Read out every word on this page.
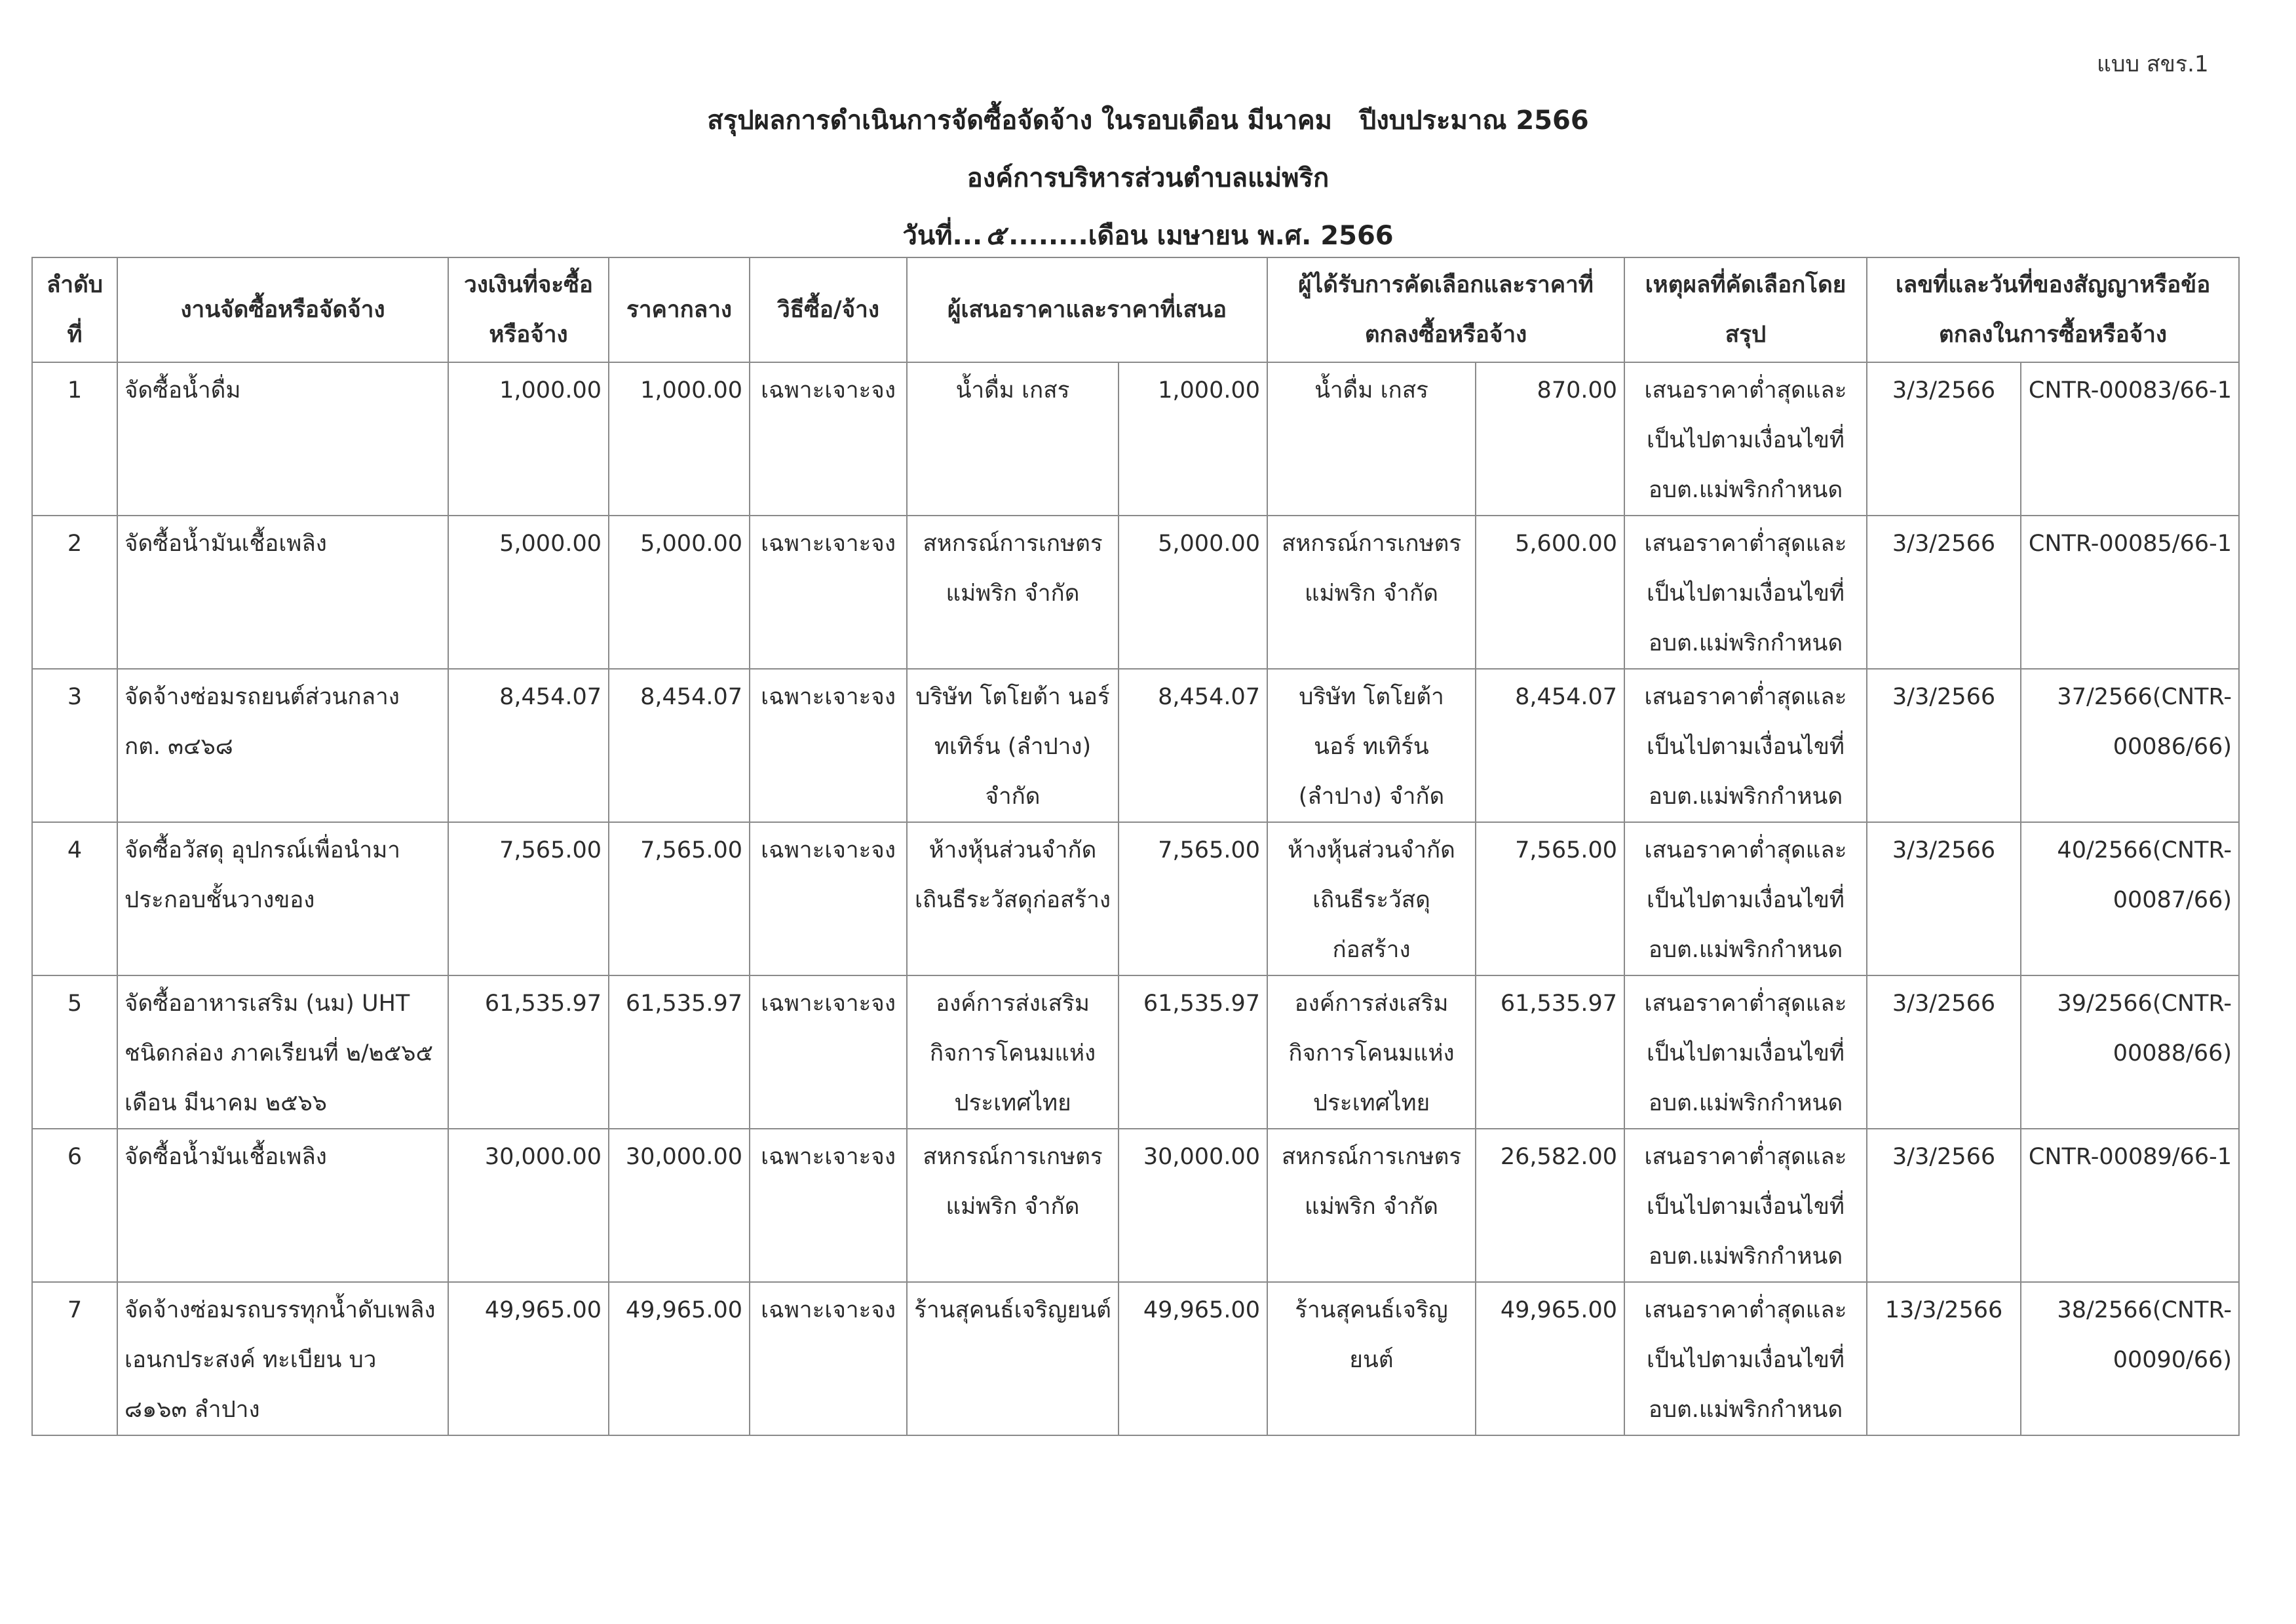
แบบ สขร.1
สรุปผลการดำเนินการจัดซื้อจัดจ้าง ในรอบเดือน มีนาคม   ปีงบประมาณ 2566
องค์การบริหารส่วนตำบลแม่พริก
วันที่... ๕ ........เดือน เมษายน พ.ศ. 2566
ลำดับที่	งานจัดซื้อหรือจัดจ้าง	วงเงินที่จะซื้อหรือจ้าง	ราคากลาง	วิธีซื้อ/จ้าง	ผู้เสนอราคาและราคาที่เสนอ		ผู้ได้รับการคัดเลือกและราคาที่ตกลงซื้อหรือจ้าง		เหตุผลที่คัดเลือกโดยสรุป	เลขที่และวันที่ของสัญญาหรือข้อตกลงในการซื้อหรือจ้าง	
1	จัดซื้อน้ำดื่ม	1,000.00	1,000.00	เฉพาะเจาะจง	น้ำดื่ม เกสร	1,000.00	น้ำดื่ม เกสร	870.00	เสนอราคาต่ำสุดและเป็นไปตามเงื่อนไขที่ อบต.แม่พริกกำหนด	3/3/2566	CNTR-00083/66-1
2	จัดซื้อน้ำมันเชื้อเพลิง	5,000.00	5,000.00	เฉพาะเจาะจง	สหกรณ์การเกษตร แม่พริก จำกัด	5,000.00	สหกรณ์การเกษตร แม่พริก จำกัด	5,600.00	เสนอราคาต่ำสุดและเป็นไปตามเงื่อนไขที่ อบต.แม่พริกกำหนด	3/3/2566	CNTR-00085/66-1
3	จัดจ้างซ่อมรถยนต์ส่วนกลาง กต. ๓๔๖๘	8,454.07	8,454.07	เฉพาะเจาะจง	บริษัท โตโยต้า นอร์ ทเทิร์น (ลำปาง) จำกัด	8,454.07	บริษัท โตโยต้า นอร์ ทเทิร์น (ลำปาง) จำกัด	8,454.07	เสนอราคาต่ำสุดและเป็นไปตามเงื่อนไขที่ อบต.แม่พริกกำหนด	3/3/2566	37/2566(CNTR-00086/66)
4	จัดซื้อวัสดุ อุปกรณ์เพื่อนำมาประกอบชั้นวางของ	7,565.00	7,565.00	เฉพาะเจาะจง	ห้างหุ้นส่วนจำกัด เถินธีระวัสดุก่อสร้าง	7,565.00	ห้างหุ้นส่วนจำกัด เถินธีระวัสดุก่อสร้าง	7,565.00	เสนอราคาต่ำสุดและเป็นไปตามเงื่อนไขที่ อบต.แม่พริกกำหนด	3/3/2566	40/2566(CNTR-00087/66)
5	จัดซื้ออาหารเสริม (นม) UHT ชนิดกล่อง ภาคเรียนที่ ๒/๒๕๖๕ เดือน มีนาคม ๒๕๖๖	61,535.97	61,535.97	เฉพาะเจาะจง	องค์การส่งเสริม กิจการโคนมแห่ง ประเทศไทย	61,535.97	องค์การส่งเสริม กิจการโคนมแห่ง ประเทศไทย	61,535.97	เสนอราคาต่ำสุดและเป็นไปตามเงื่อนไขที่ อบต.แม่พริกกำหนด	3/3/2566	39/2566(CNTR-00088/66)
6	จัดซื้อน้ำมันเชื้อเพลิง	30,000.00	30,000.00	เฉพาะเจาะจง	สหกรณ์การเกษตร แม่พริก จำกัด	30,000.00	สหกรณ์การเกษตร แม่พริก จำกัด	26,582.00	เสนอราคาต่ำสุดและเป็นไปตามเงื่อนไขที่ อบต.แม่พริกกำหนด	3/3/2566	CNTR-00089/66-1
7	จัดจ้างซ่อมรถบรรทุกน้ำดับเพลิง เอนกประสงค์ ทะเบียน บว ๘๑๖๓ ลำปาง	49,965.00	49,965.00	เฉพาะเจาะจง	ร้านสุคนธ์เจริญยนต์	49,965.00	ร้านสุคนธ์เจริญยนต์	49,965.00	เสนอราคาต่ำสุดและเป็นไปตามเงื่อนไขที่ อบต.แม่พริกกำหนด	13/3/2566	38/2566(CNTR-00090/66)
